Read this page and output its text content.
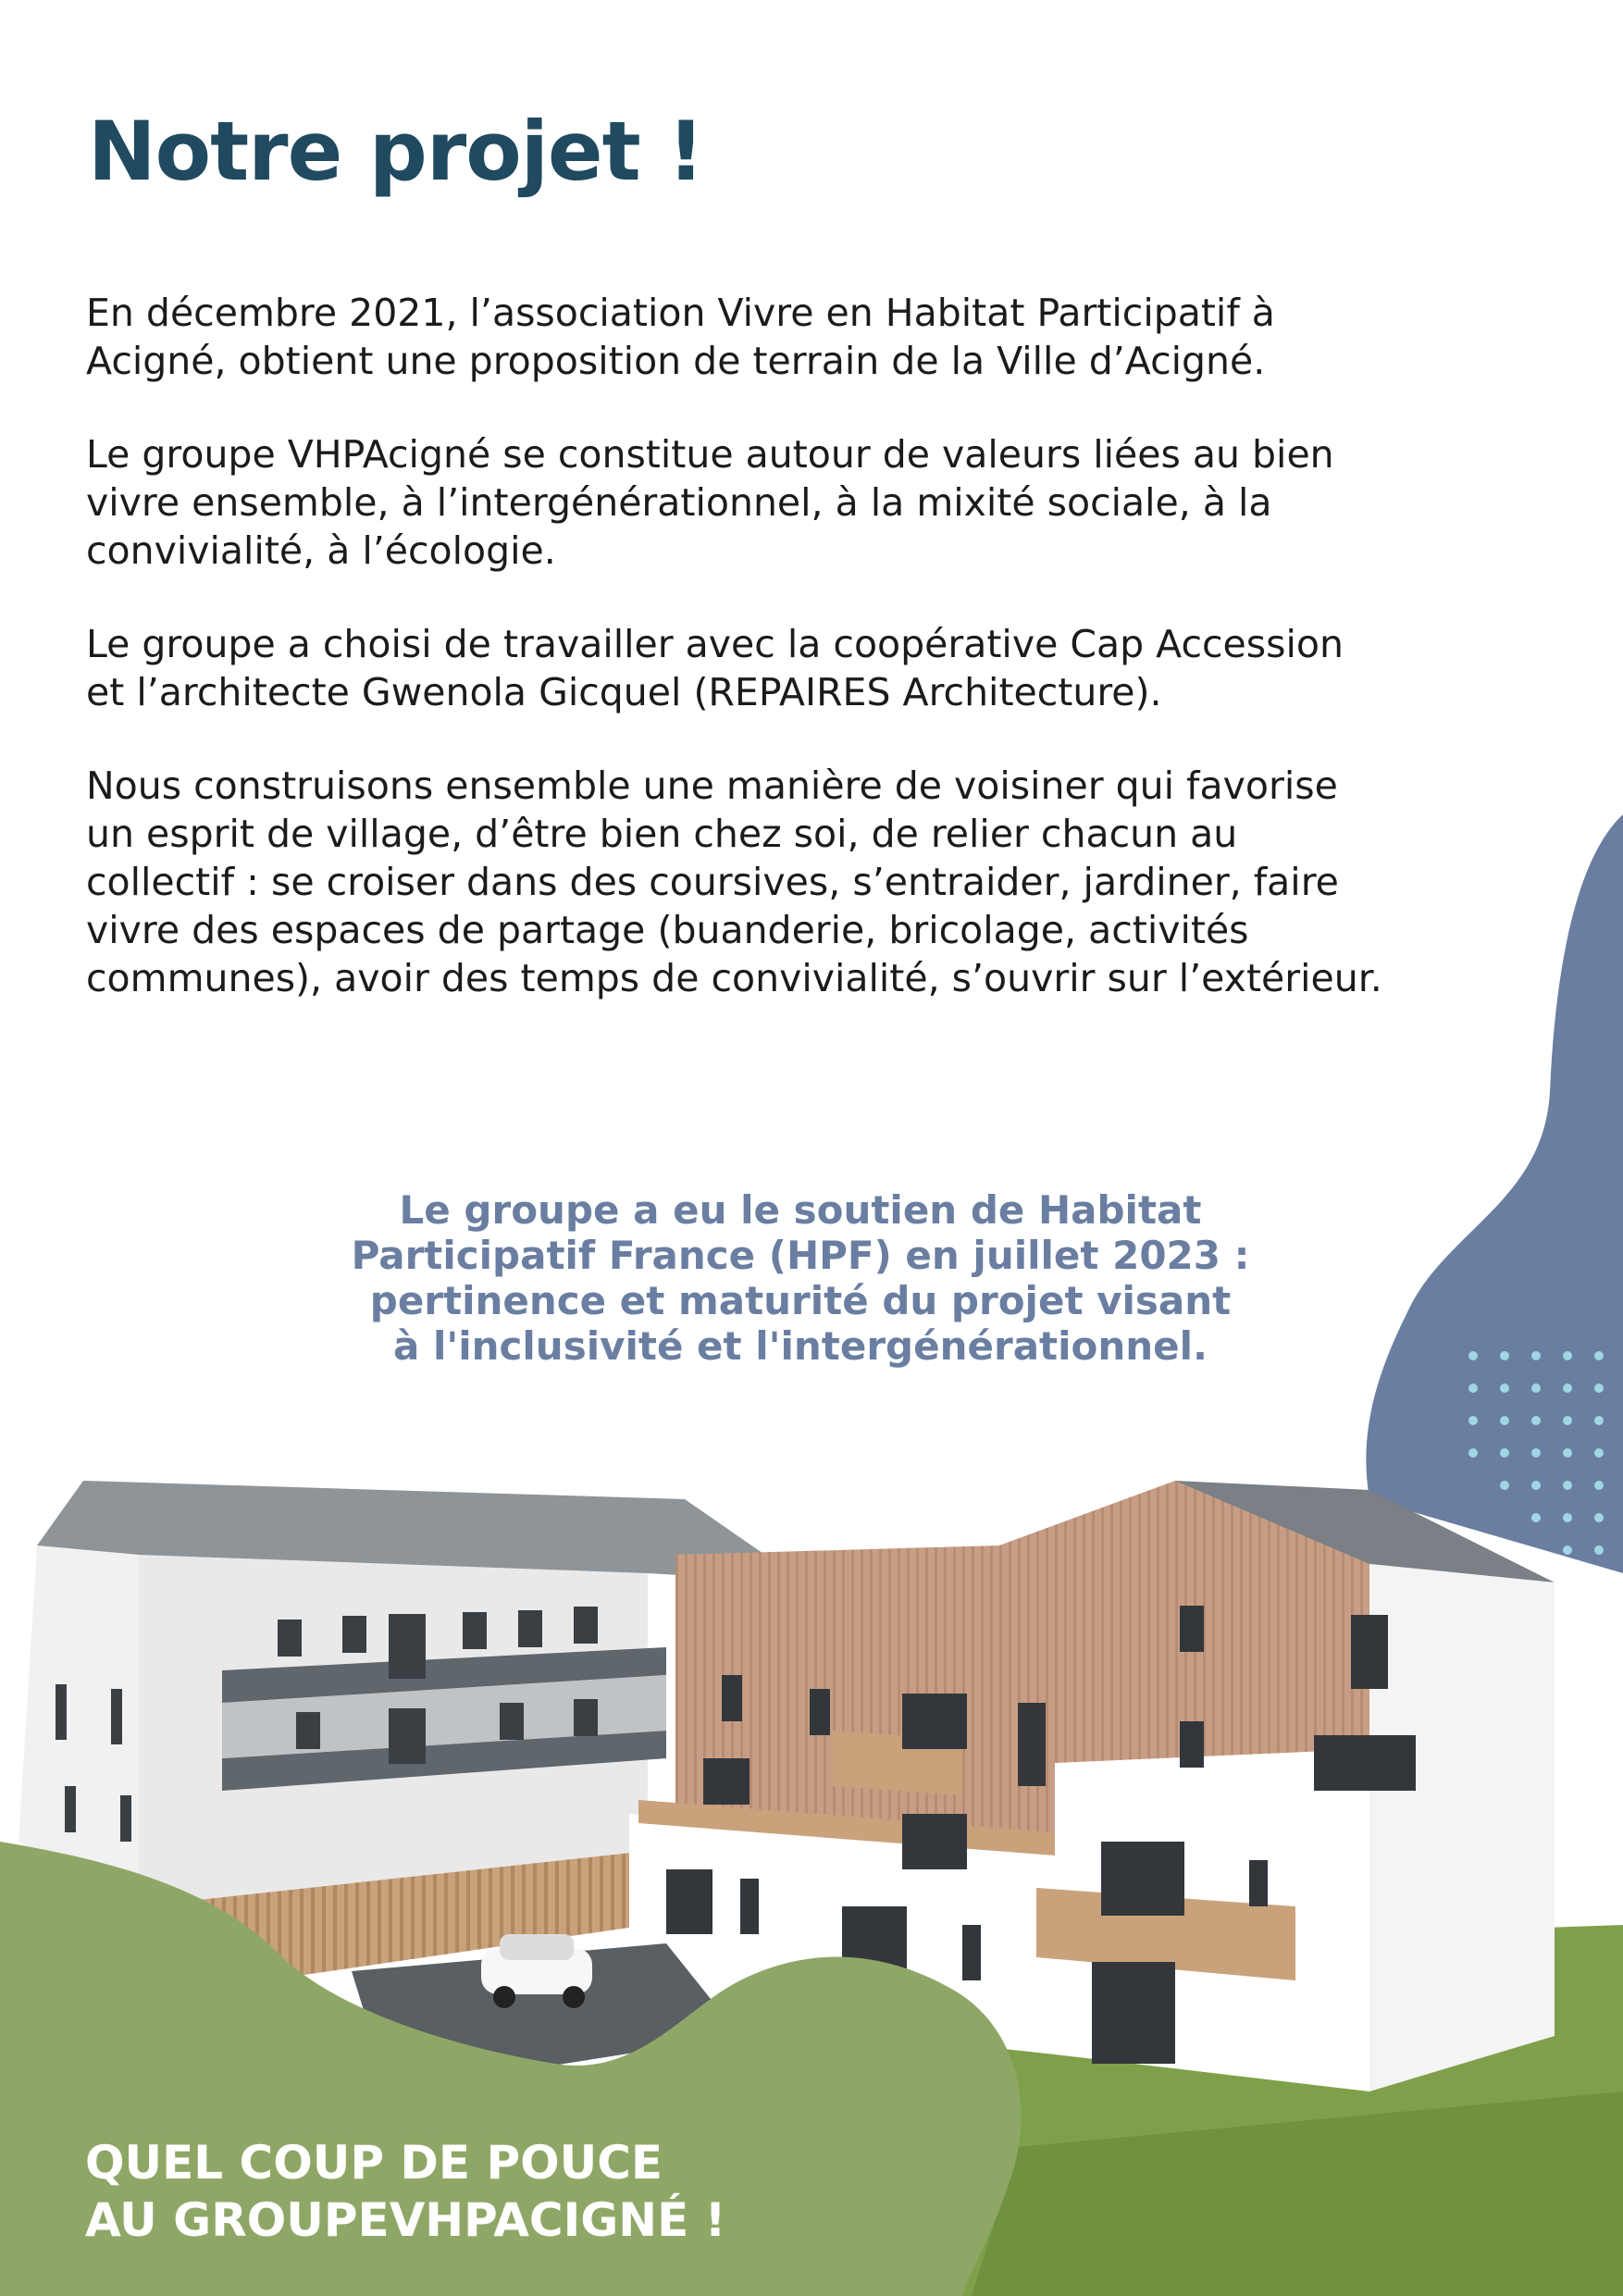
Notre projet !

En décembre 2021, l’association Vivre en Habitat Participatif à
Acigné, obtient une proposition de terrain de la Ville d’Acigné.

Le groupe VHPAcigné se constitue autour de valeurs liées au bien
vivre ensemble, à l’intergénérationnel, à la mixité sociale, à la
convivialité, à l’écologie.

Le groupe a choisi de travailler avec la coopérative Cap Accession
et l’architecte Gwenola Gicquel (REPAIRES Architecture).

Nous construisons ensemble une manière de voisiner qui favorise
un esprit de village, d’être bien chez soi, de relier chacun au
collectif : se croiser dans des coursives, s’entraider, jardiner, faire
vivre des espaces de partage (buanderie, bricolage, activités
communes), avoir des temps de convivialité, s’ouvrir sur l’extérieur.

Le groupe a eu le soutien de Habitat
Participatif France (HPF) en juillet 2023 :
pertinence et maturité du projet visant
à l'inclusivité et l'intergénérationnel.
QUEL COUP DE POUCE
AU GROUPEVHPACIGNÉ !
